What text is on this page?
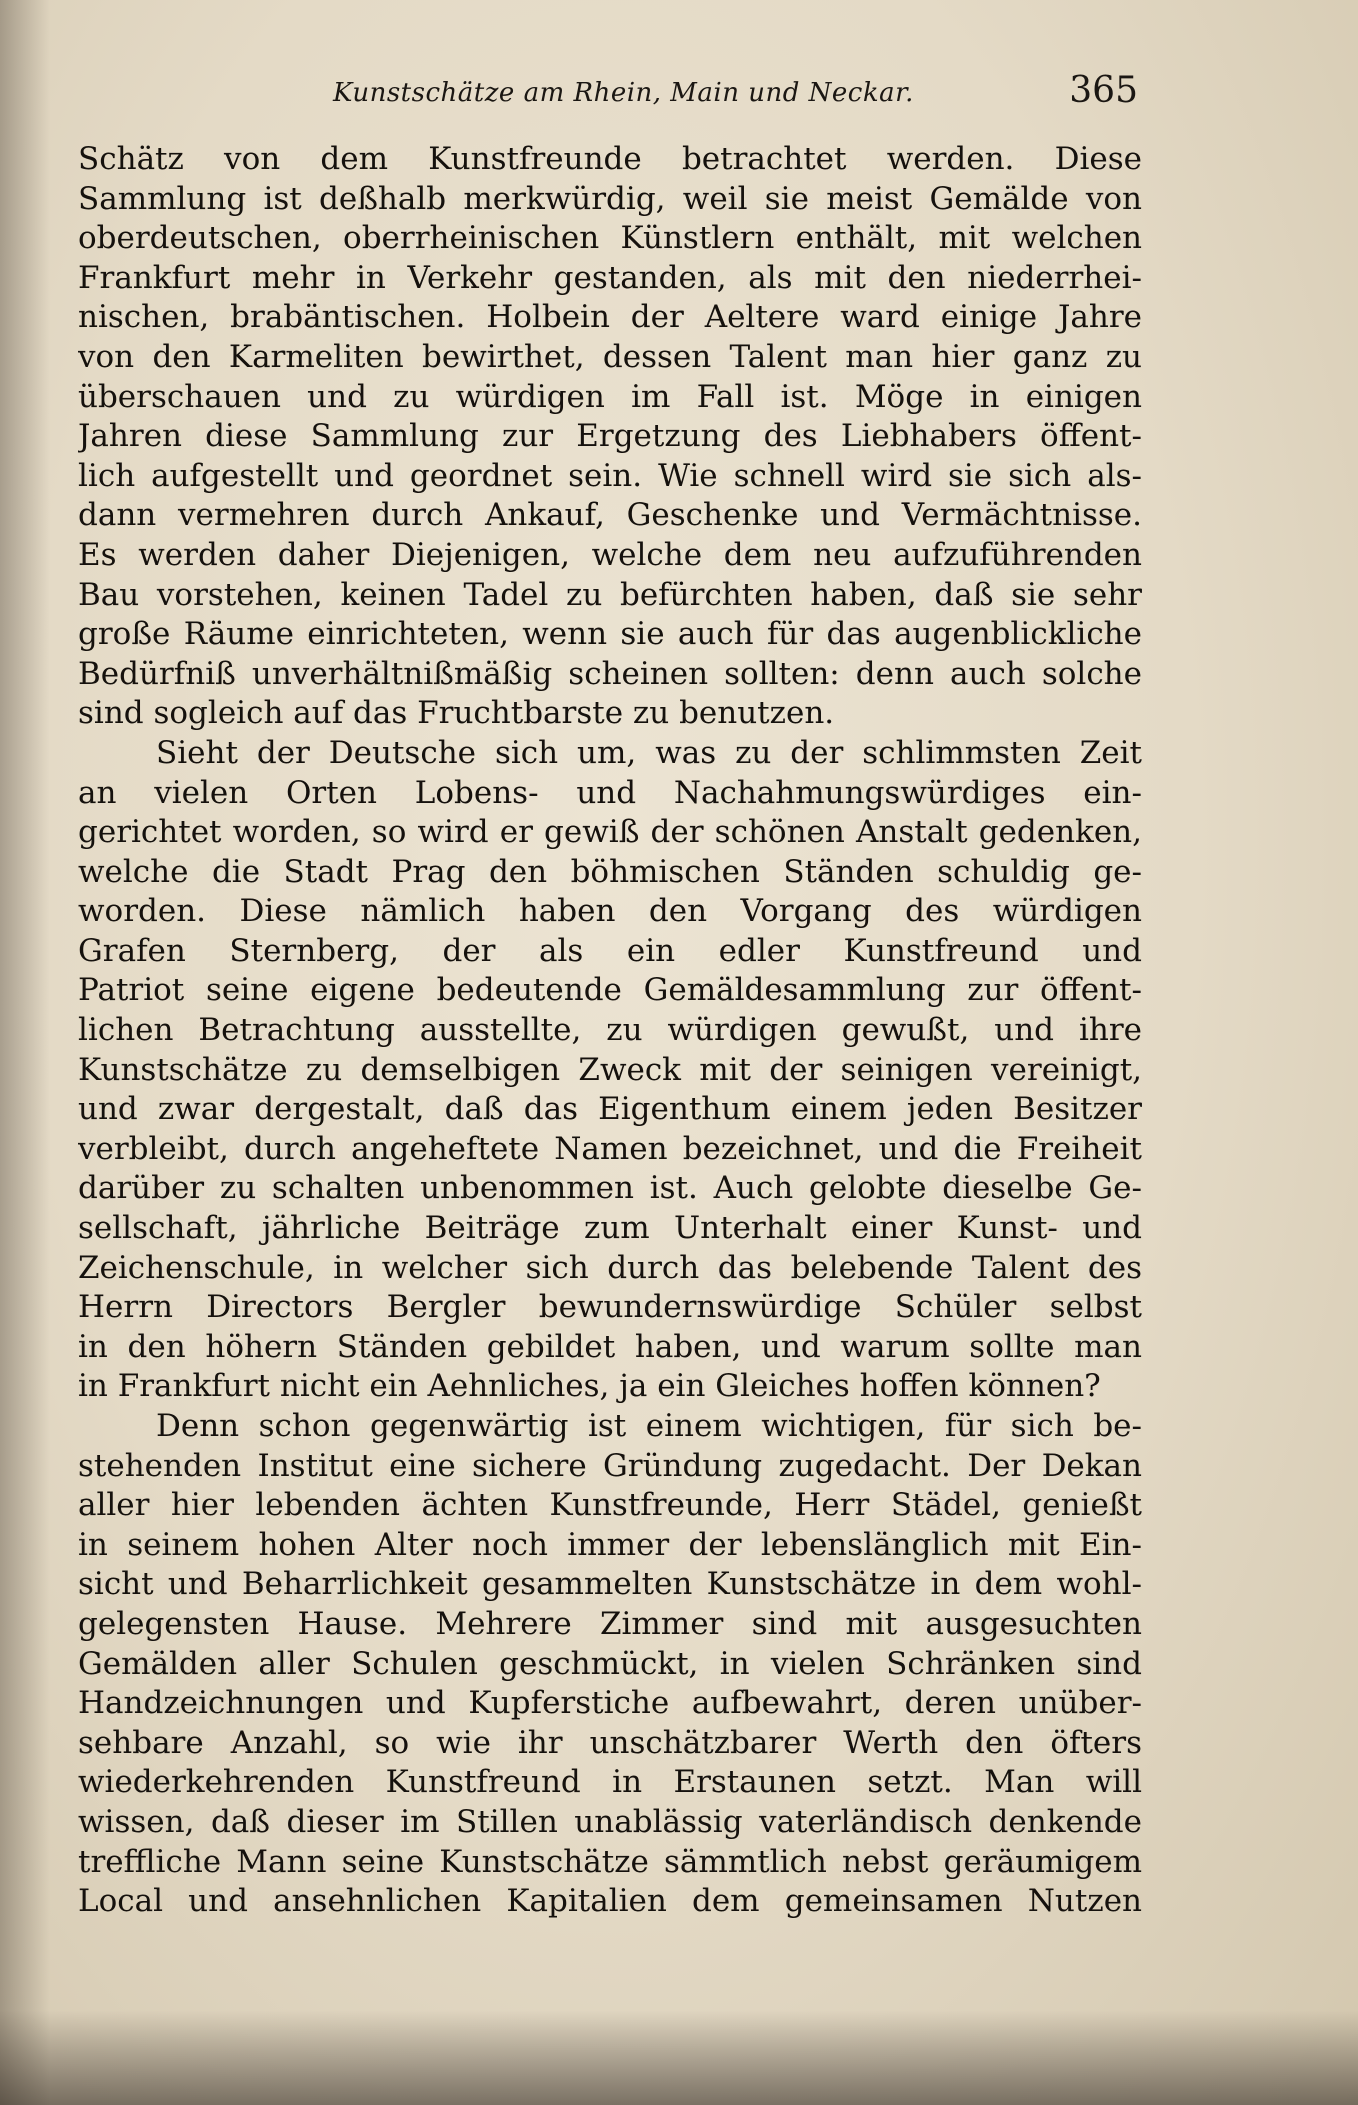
Kunstschätze am Rhein, Main und Neckar.	365
Schätz von dem Kunstfreunde betrachtet werden. Diese
Sammlung ist deßhalb merkwürdig, weil sie meist Gemälde von
oberdeutschen, oberrheinischen Künstlern enthält, mit welchen
Frankfurt mehr in Verkehr gestanden, als mit den niederrhei-
nischen, brabäntischen. Holbein der Aeltere ward einige Jahre
von den Karmeliten bewirthet, dessen Talent man hier ganz zu
überschauen und zu würdigen im Fall ist. Möge in einigen
Jahren diese Sammlung zur Ergetzung des Liebhabers öffent-
lich aufgestellt und geordnet sein. Wie schnell wird sie sich als-
dann vermehren durch Ankauf, Geschenke und Vermächtnisse.
Es werden daher Diejenigen, welche dem neu aufzuführenden
Bau vorstehen, keinen Tadel zu befürchten haben, daß sie sehr
große Räume einrichteten, wenn sie auch für das augenblickliche
Bedürfniß unverhältnißmäßig scheinen sollten: denn auch solche
sind sogleich auf das Fruchtbarste zu benutzen.
Sieht der Deutsche sich um, was zu der schlimmsten Zeit
an vielen Orten Lobens- und Nachahmungswürdiges ein-
gerichtet worden, so wird er gewiß der schönen Anstalt gedenken,
welche die Stadt Prag den böhmischen Ständen schuldig ge-
worden. Diese nämlich haben den Vorgang des würdigen
Grafen Sternberg, der als ein edler Kunstfreund und
Patriot seine eigene bedeutende Gemäldesammlung zur öffent-
lichen Betrachtung ausstellte, zu würdigen gewußt, und ihre
Kunstschätze zu demselbigen Zweck mit der seinigen vereinigt,
und zwar dergestalt, daß das Eigenthum einem jeden Besitzer
verbleibt, durch angeheftete Namen bezeichnet, und die Freiheit
darüber zu schalten unbenommen ist. Auch gelobte dieselbe Ge-
sellschaft, jährliche Beiträge zum Unterhalt einer Kunst- und
Zeichenschule, in welcher sich durch das belebende Talent des
Herrn Directors Bergler bewundernswürdige Schüler selbst
in den höhern Ständen gebildet haben, und warum sollte man
in Frankfurt nicht ein Aehnliches, ja ein Gleiches hoffen können?
Denn schon gegenwärtig ist einem wichtigen, für sich be-
stehenden Institut eine sichere Gründung zugedacht. Der Dekan
aller hier lebenden ächten Kunstfreunde, Herr Städel, genießt
in seinem hohen Alter noch immer der lebenslänglich mit Ein-
sicht und Beharrlichkeit gesammelten Kunstschätze in dem wohl-
gelegensten Hause. Mehrere Zimmer sind mit ausgesuchten
Gemälden aller Schulen geschmückt, in vielen Schränken sind
Handzeichnungen und Kupferstiche aufbewahrt, deren unüber-
sehbare Anzahl, so wie ihr unschätzbarer Werth den öfters
wiederkehrenden Kunstfreund in Erstaunen setzt. Man will
wissen, daß dieser im Stillen unablässig vaterländisch denkende
treffliche Mann seine Kunstschätze sämmtlich nebst geräumigem
Local und ansehnlichen Kapitalien dem gemeinsamen Nutzen
